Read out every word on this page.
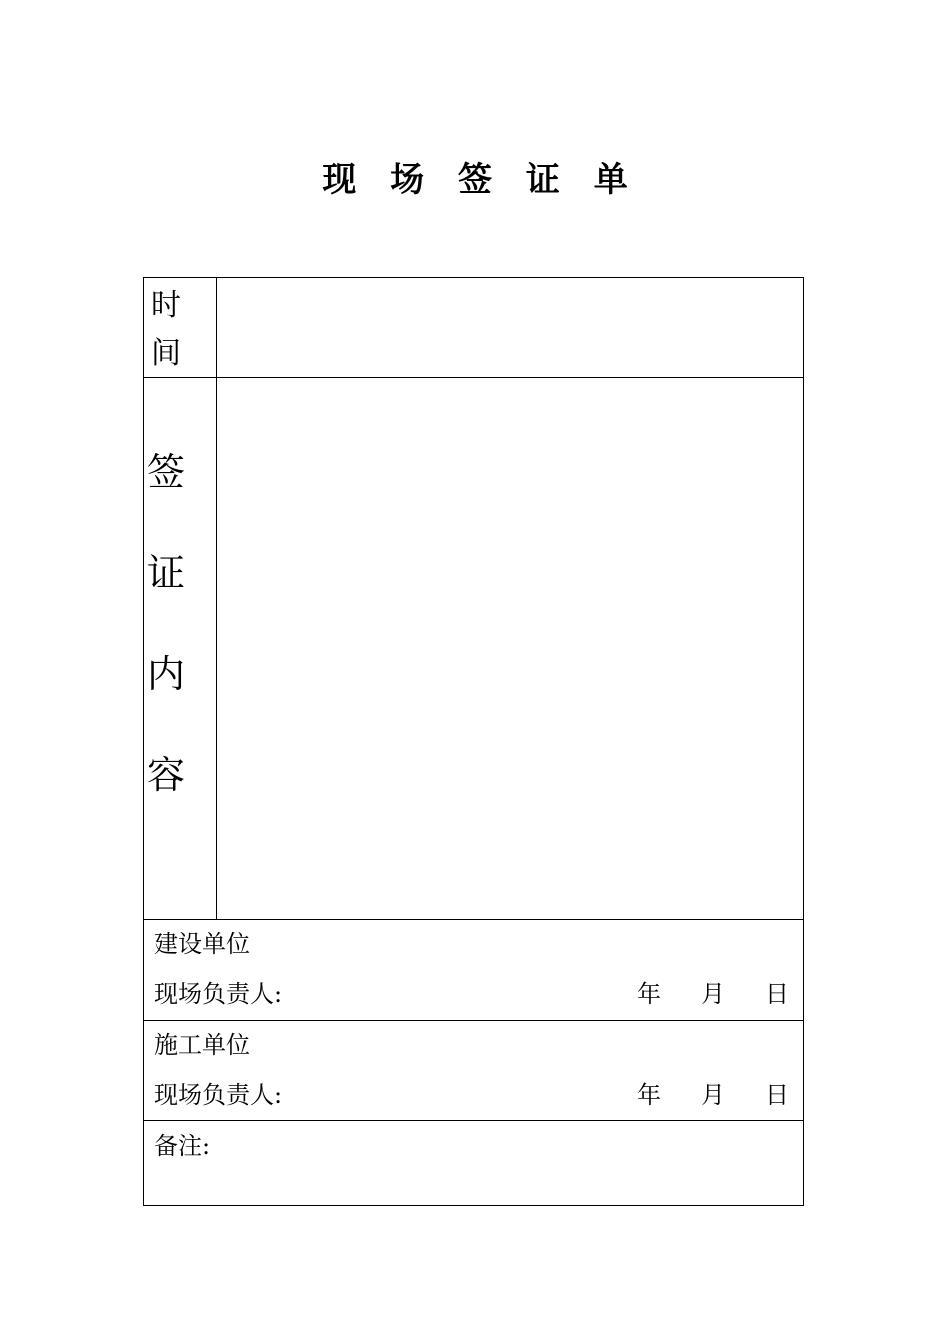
现 场 签 证 单
时
间
签
证
内
容
建设单位
现场负责人:	年 月 日
施工单位
现场负责人:	年 月 日
备注:
